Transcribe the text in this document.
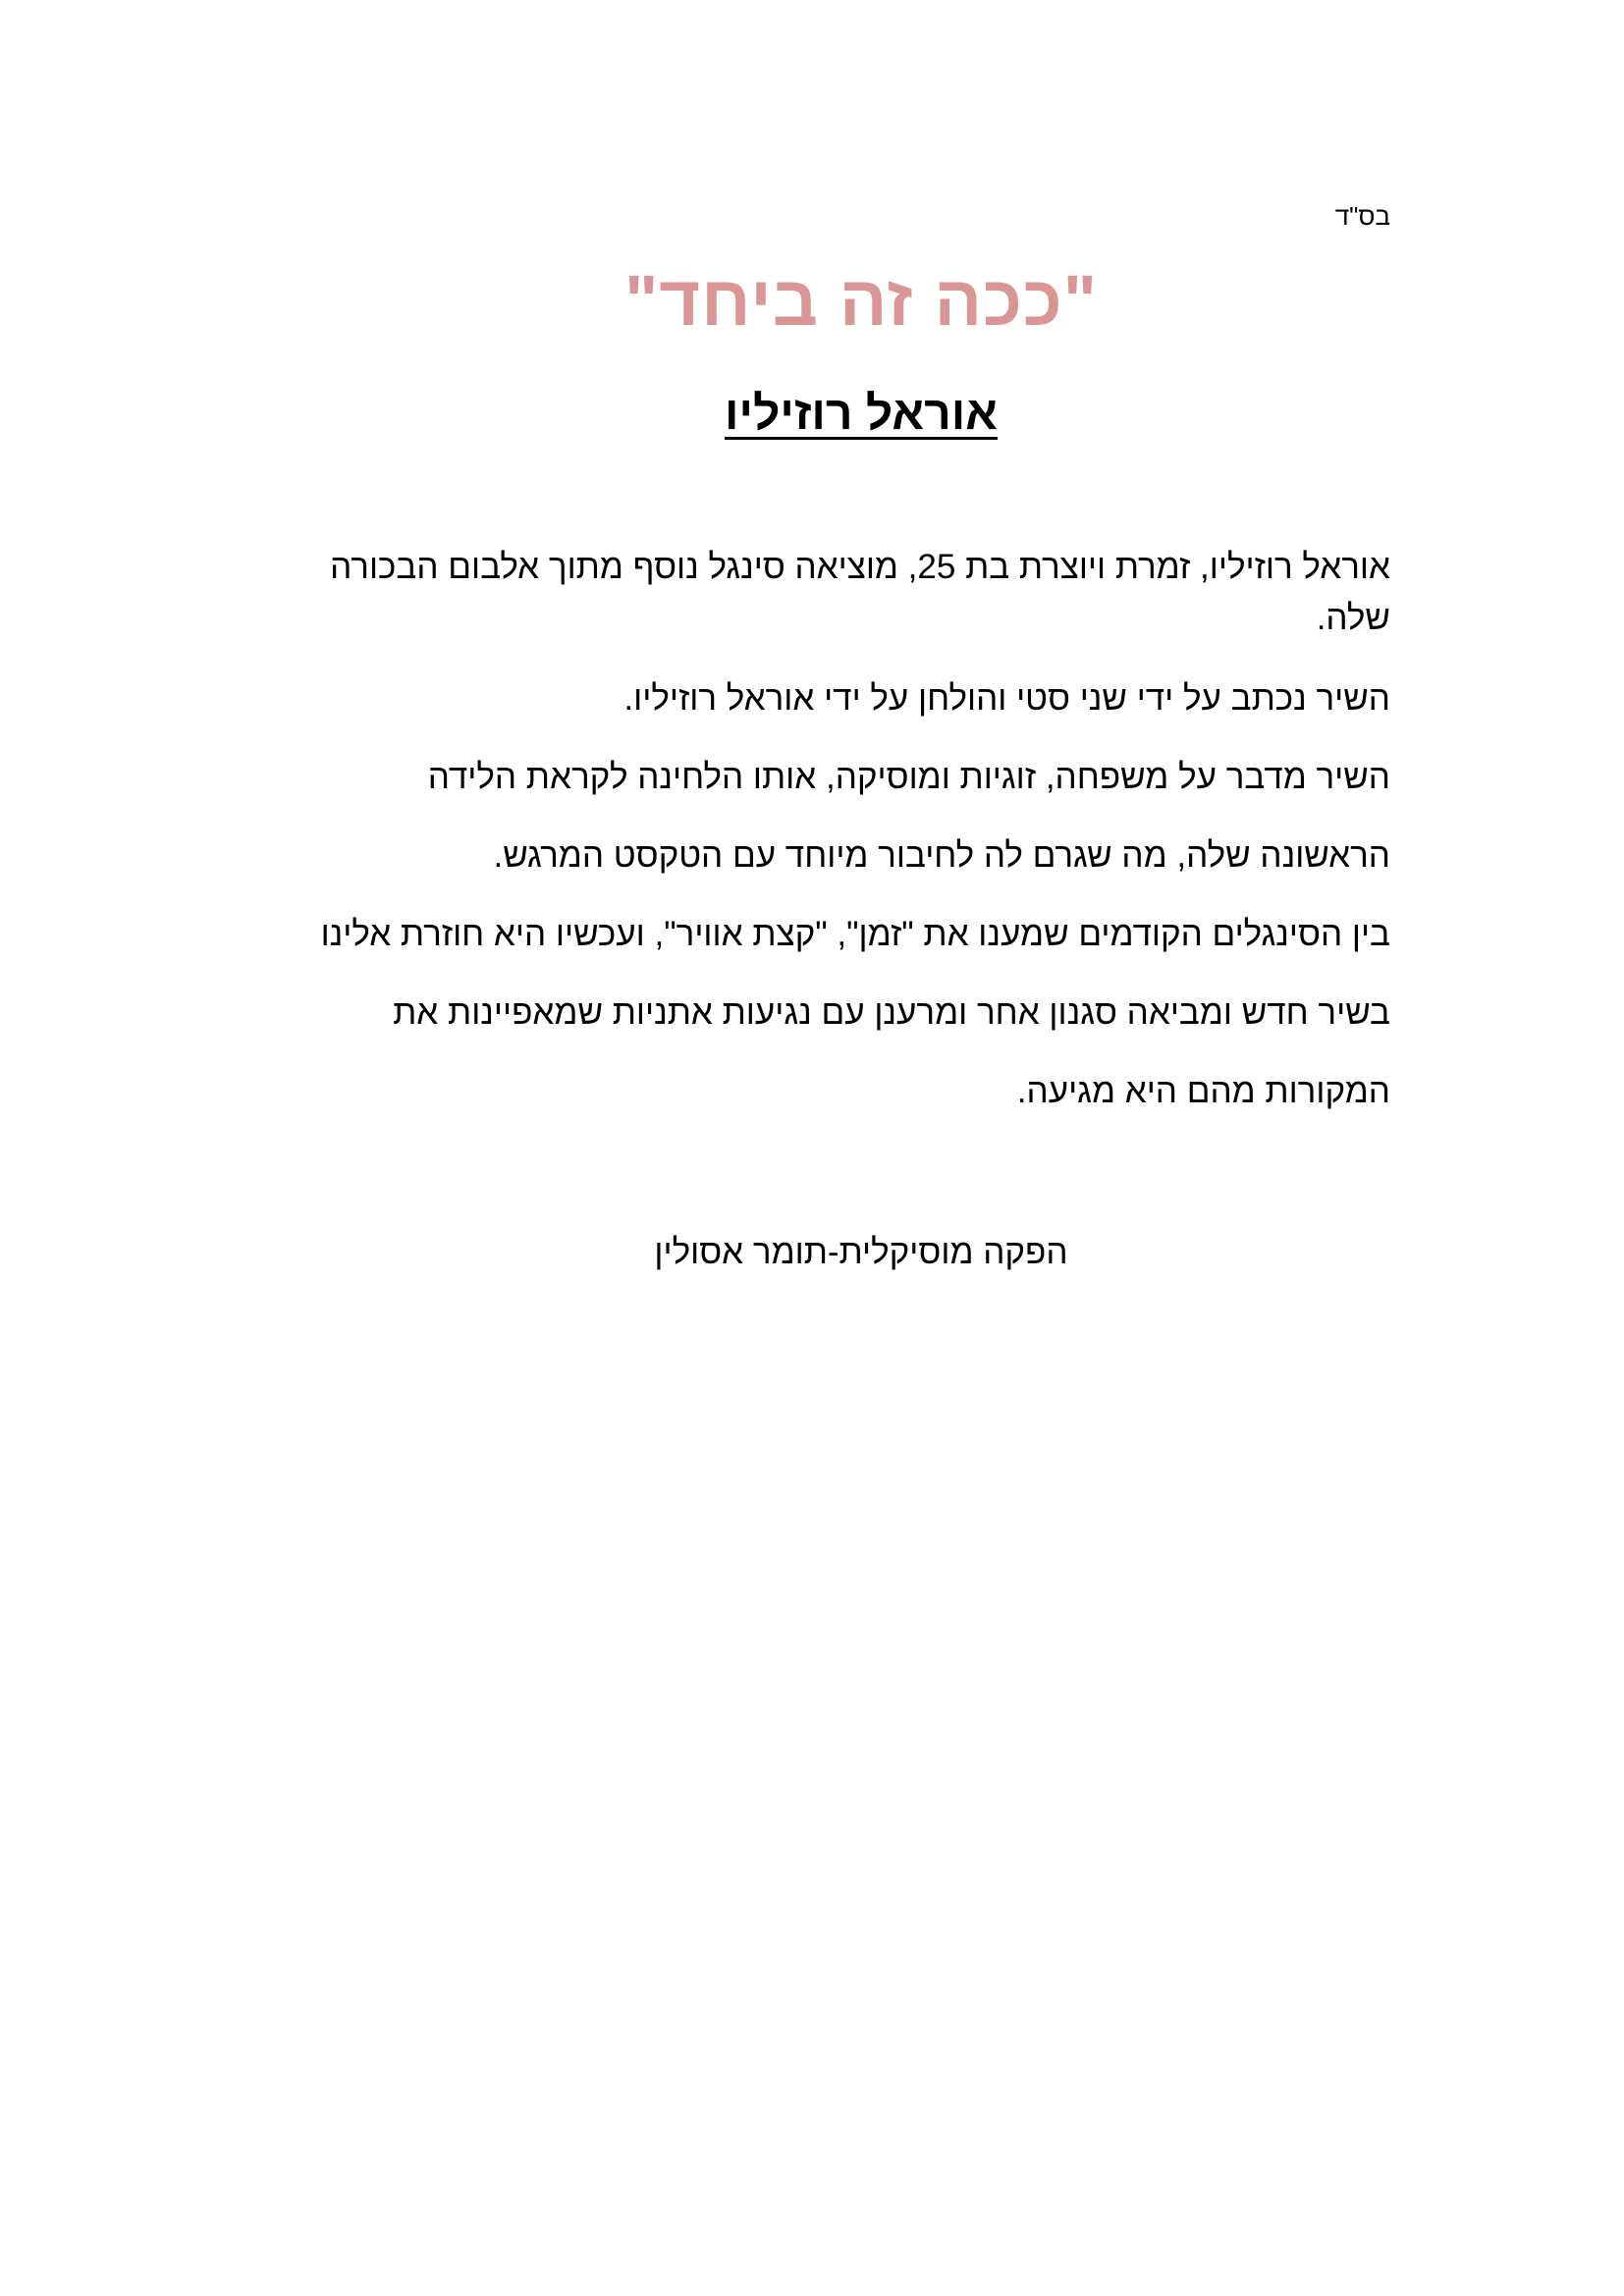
בס"ד
"ככה זה ביחד"
אוראל רוזיליו

אוראל רוזיליו, זמרת ויוצרת בת 25, מוציאה סינגל נוסף מתוך אלבום הבכורה שלה.

השיר נכתב על ידי שני סטי והולחן על ידי אוראל רוזיליו.
השיר מדבר על משפחה, זוגיות ומוסיקה, אותו הלחינה לקראת הלידה
הראשונה שלה, מה שגרם לה לחיבור מיוחד עם הטקסט המרגש.
בין הסינגלים הקודמים שמענו את "זמן", "קצת אוויר", ועכשיו היא חוזרת אלינו
בשיר חדש ומביאה סגנון אחר ומרענן עם נגיעות אתניות שמאפיינות את
המקורות מהם היא מגיעה.
הפקה מוסיקלית-תומר אסולין
